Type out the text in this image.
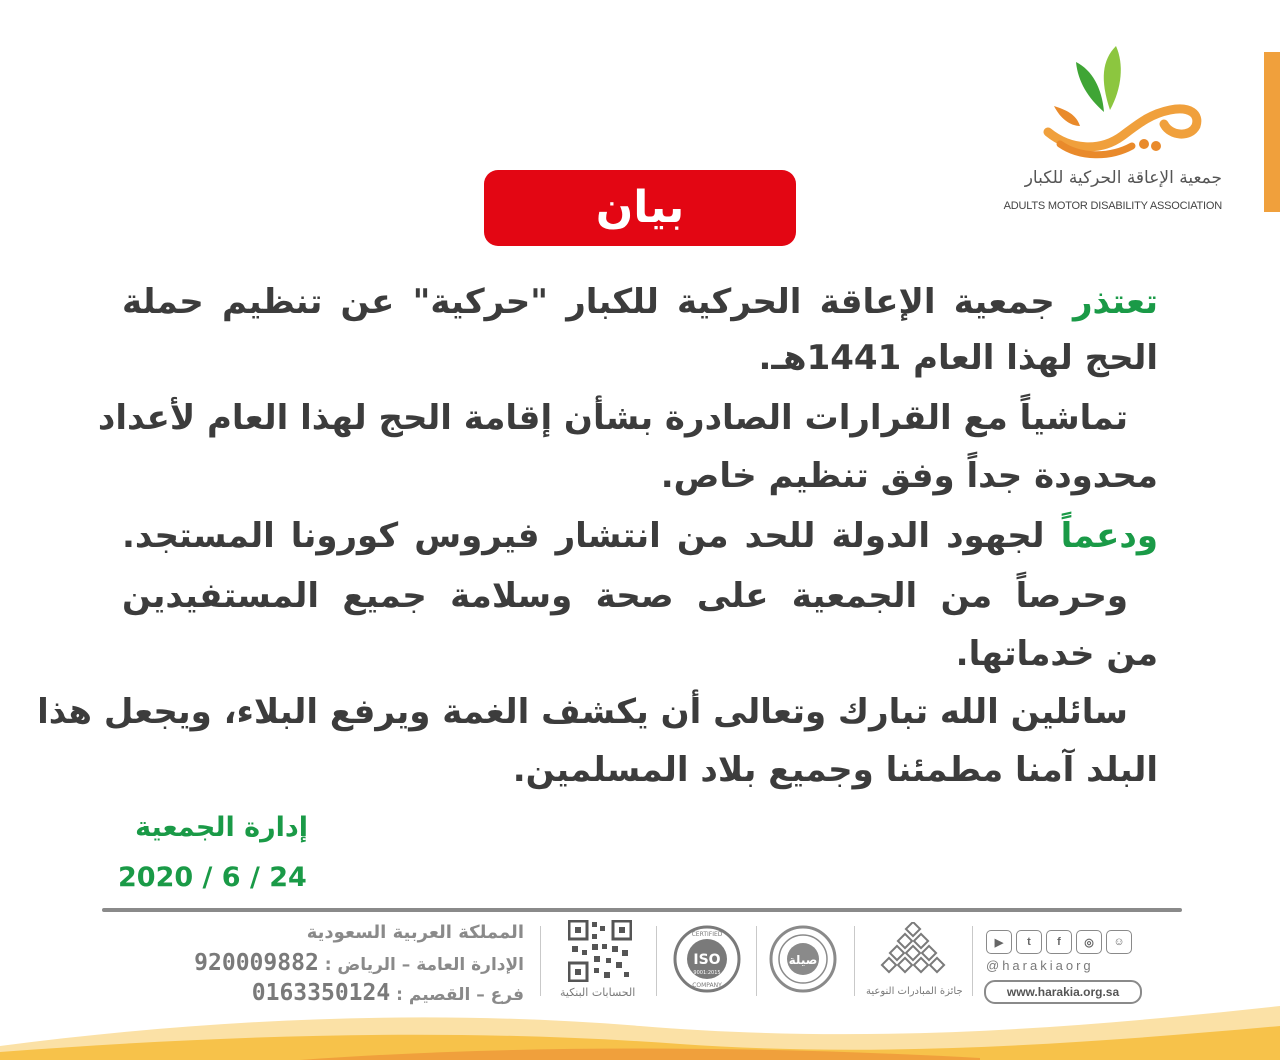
جمعية الإعاقة الحركية للكبار
ADULTS MOTOR DISABILITY ASSOCIATION
بيان
تعتذر جمعية الإعاقة الحركية للكبار "حركية" عن تنظيم حملة
الحج لهذا العام 1441هـ.
تماشياً مع القرارات الصادرة بشأن إقامة الحج لهذا العام لأعداد
محدودة جداً وفق تنظيم خاص.
ودعماً لجهود الدولة للحد من انتشار فيروس كورونا المستجد.
وحرصاً من الجمعية على صحة وسلامة جميع المستفيدين
من خدماتها.
سائلين الله تبارك وتعالى أن يكشف الغمة ويرفع البلاء، ويجعل هذا
البلد آمنا مطمئنا وجميع بلاد المسلمين.
إدارة الجمعية
2020 / 6 / 24
المملكة العربية السعودية
الإدارة العامة – الرياض : 920009882
فرع – القصيم : 0163350124	الحسابات البنكية
ISO
CERTIFIED
9001:2015
COMPANY
صيلة
جائزة المبادرات النوعية
▶	t	f	◎	☺
@harakiaorg
www.harakia.org.sa
